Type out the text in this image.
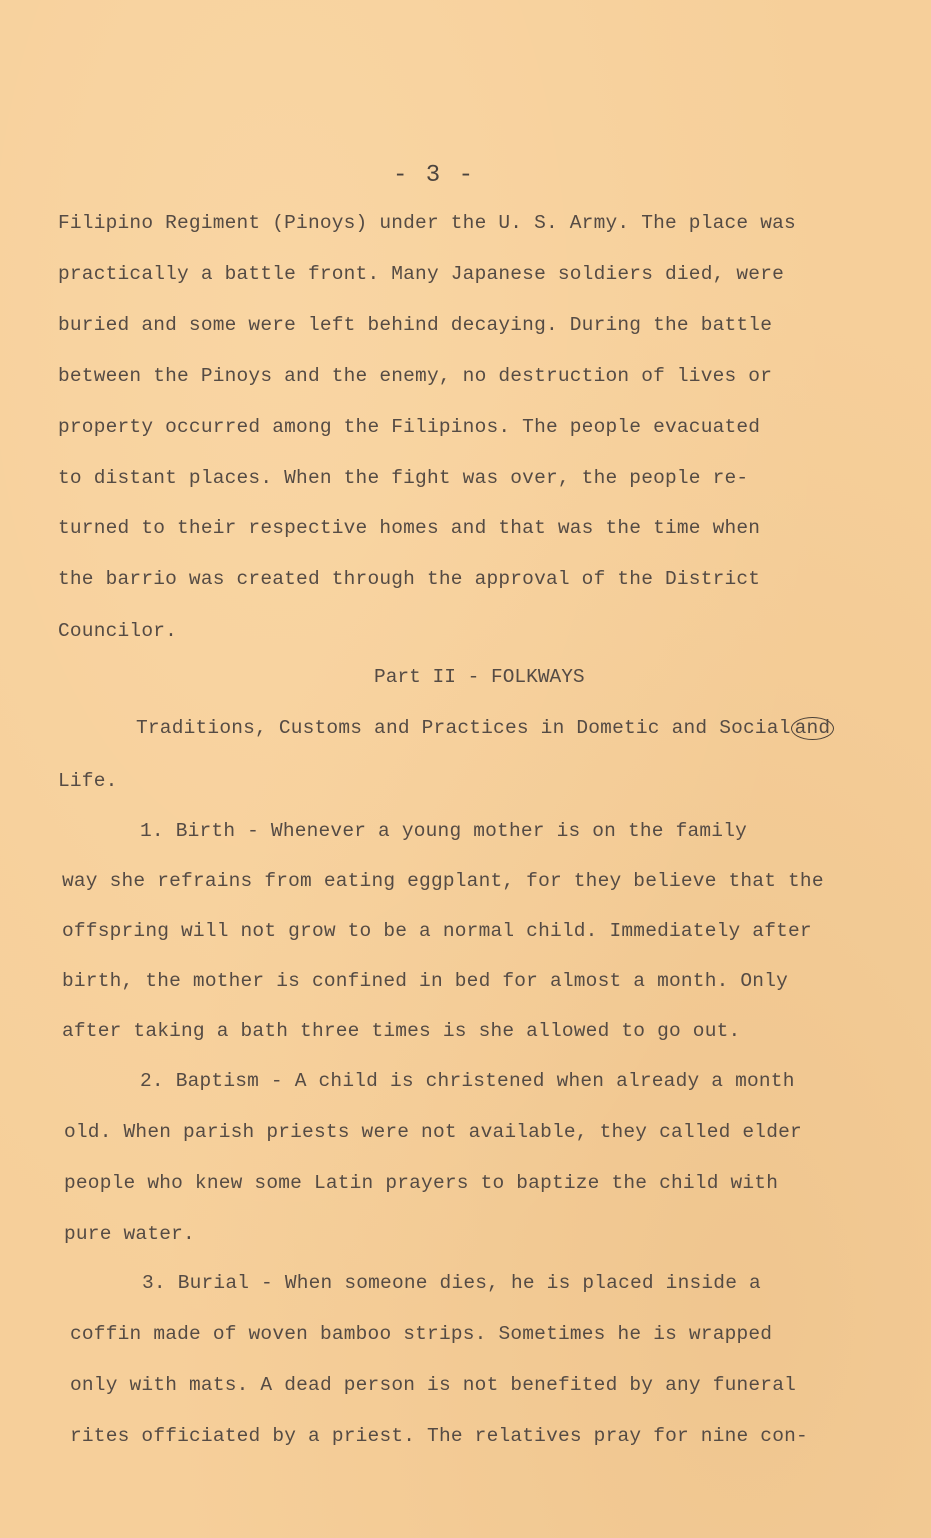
- 3 -
Filipino Regiment (Pinoys) under the U. S. Army. The place was
practically a battle front. Many Japanese soldiers died, were
buried and some were left behind decaying. During the battle
between the Pinoys and the enemy, no destruction of lives or
property occurred among the Filipinos. The people evacuated
to distant places. When the fight was over, the people re-
turned to their respective homes and that was the time when
the barrio was created through the approval of the District
Councilor.
Part II - FOLKWAYS
Traditions, Customs and Practices in Dometic and Social and
Life.
1. Birth - Whenever a young mother is on the family
way she refrains from eating eggplant, for they believe that the
offspring will not grow to be a normal child. Immediately after
birth, the mother is confined in bed for almost a month. Only
after taking a bath three times is she allowed to go out.
2. Baptism - A child is christened when already a month
old. When parish priests were not available, they called elder
people who knew some Latin prayers to baptize the child with
pure water.
3. Burial - When someone dies, he is placed inside a
coffin made of woven bamboo strips. Sometimes he is wrapped
only with mats. A dead person is not benefited by any funeral
rites officiated by a priest. The relatives pray for nine con-
